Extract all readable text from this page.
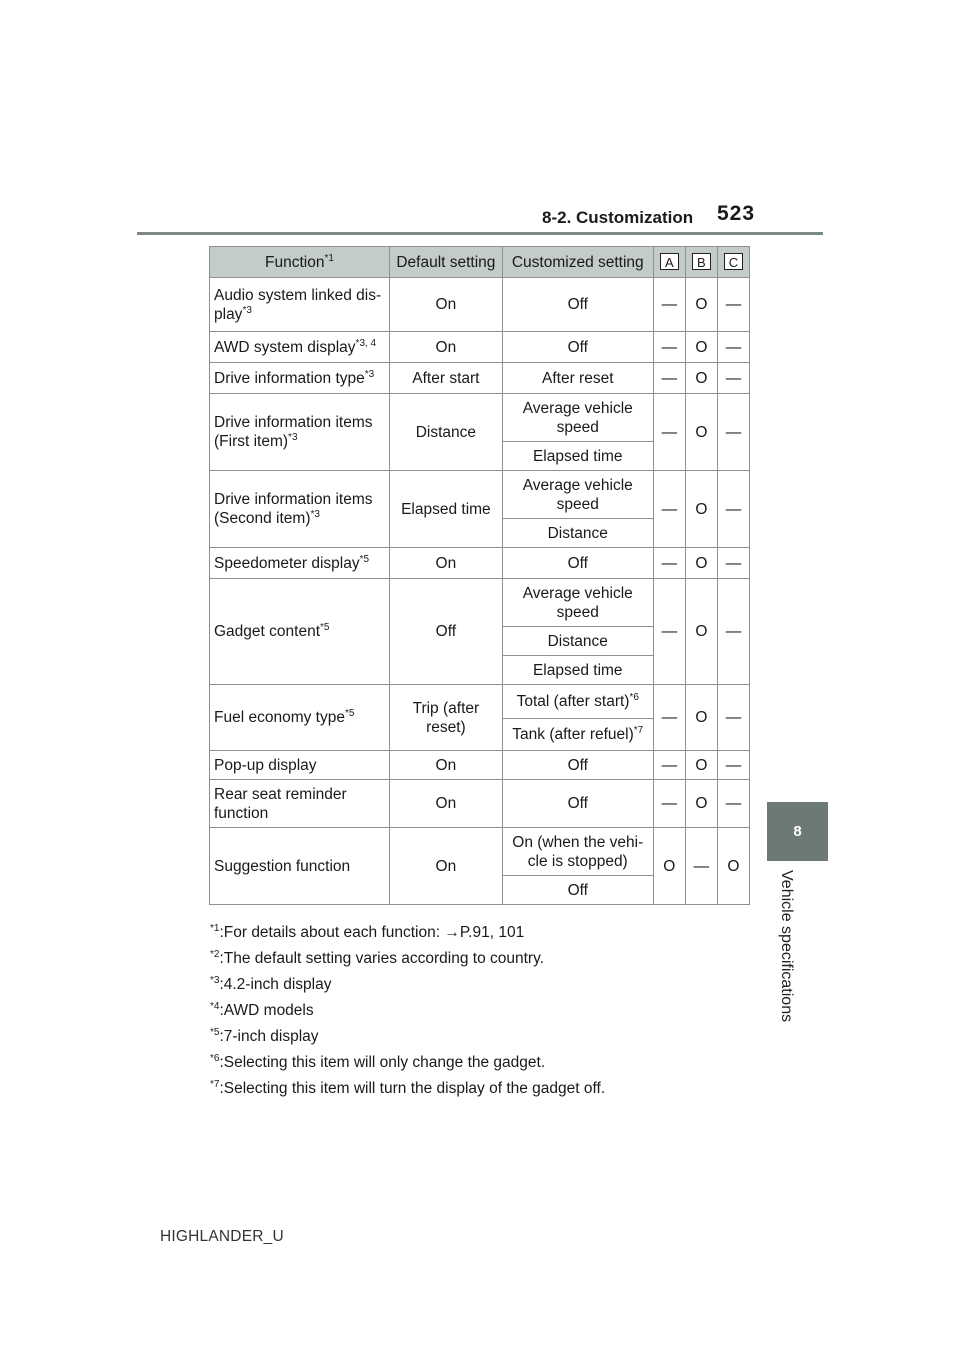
8-2. Customization 523
8
Vehicle specifications
Function$^{*1}$	Default setting	Customized setting	A	B	C
Audio system linked dis-
play$^{*3}$	On	Off	—	O	—
AWD system display$^{*3, 4}$	On	Off	—	O	—
Drive information type$^{*3}$	After start	After reset	—	O	—
Drive information items
(First item)$^{*3}$	Distance	Average vehicle speed	—	O	—
		Elapsed time			
Drive information items
(Second item)$^{*3}$	Elapsed time	Average vehicle speed	—	O	—
		Distance			
Speedometer display$^{*5}$	On	Off	—	O	—
Gadget content$^{*5}$	Off	Average vehicle speed	—	O	—
		Distance			
		Elapsed time			
Fuel economy type$^{*5}$	Trip (after reset)	Total (after start)$^{*6}$	—	O	—
		Tank (after refuel)$^{*7}$
Pop-up display	On	Off	—	O	—
Rear seat reminder
function	On	Off	—	O	—
Suggestion function	On	On (when the vehi-cle is stopped)	O	—	O
		Off			
$^{*1}$:For details about each function: →P.91, 101
$^{*2}$:The default setting varies according to country.
$^{*3}$:4.2-inch display
$^{*4}$:AWD models
$^{*5}$:7-inch display
$^{*6}$:Selecting this item will only change the gadget.
$^{*7}$:Selecting this item will turn the display of the gadget off.
HIGHLANDER_U
